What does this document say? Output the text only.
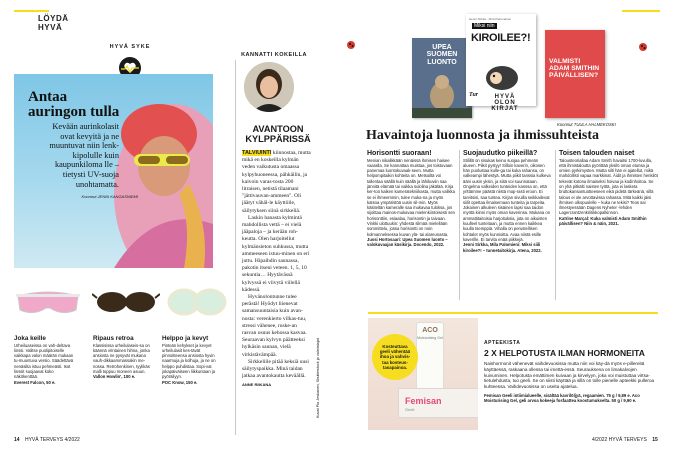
LÖYDÄ
HYVÄ
HYVÄ SYKE
Antaa
auringon tulla
Kevään aurinkolasit
ovat kevyitä ja ne
muuntuvat niin lenk-
kipolulle kuin
kaupunkiloma lle –
tietysti UV-suoja
unohtamatta.
Koonnut JENNI KANGASNIEMI
Joka keille
Urheiluaseissa on vah-deltava linssi. Valitse puolipitoiselle vaikkapa valon määrän mukaan tu-muuntuva versio. Säädettävä nenäsilta istuu pehmeästi. Isot linssit suojaavat koko näkökenttää.
Everest Falcon, 50 e.
Ripaus retroa
Klassisissa urheilulaseis-sa on käännä vrintainen hihna, jonka ansiosta ne pysyvät mukana vauh-dikkaammassakin me-nossa. Retrohenkinen, tyylikäs malli toppuu moneen asuun.
Vallon Howlin', 100 e.
Helppo ja kevyt
Pinteän kehykset ja kevyet urheilulasit kes-tävät pinnoitteensa ansiosta hyvin naarmuja ja kolhuja, ja ne on helppo puhdistaa. Sopi-vat jokapäiväiseen liikkuntaan ja pyöräilyyn.
POC Know, 150 e.
KANNATTI KOKEILLA
AVANTOON
KYLPPÄRISSÄ
TALVIUINTI kiinnostaa, mutta mikä en koskeilla kylmän veden vaikutusta omaassa kylpyhuoneessa, pähkäilin, ja kaivoin varas-tosta 200 litraisen, netistä tilaamani "jättivauvan-ammeen". Oli jäätyt vähäl-le käyttöile, säilytyksen siinä sirkkeliä.
Laskin hanasta kylmintä mahdollista vettä – ei vielä jääpaloja – ja kerään roh-keutta. Olen harjoitellut kylmänsieton suhkussa, mutta ammeeseen istuu-minen on eri juttu. Hipaihdin saunassa, pakotin itseni veteen. 1, 5, 10 sekuntia… Hyytävässä kylvyssä ei viivytä viilellä kädessä.
Hyvänolontunne tulee perästä! Hyödyt liienevat samansuuntaisia kuin avan-nosta: verenkierto vilkas-tuu, stressi vähenee, ruske-an rasvan osuus kehossa kasvaa. Seuraavan kylvyn päätteeksi hylkäsin saunan, vielä virkistävämpää.
Sirkkeliile pitää keksiä uusi säilytyspaikka. Minä taidan jatkaa avantokautta keväällä. ANNE RIIKANA	Kuvat Pia Jeskanen, Shutterstock ja valmistajat
14 HYVÄ TERVEYS 4/2022
UPEA
SUOMEN
LUONTO
Henni Sirkka · Mira Palomainen
Miksi niin
KIROILEE?!
Tur
VALMISTI ADAM SMITHIN PÄIVÄLLISEN?
HYVÄ
OLON
KIRJAT
Koonnut TUULA HALMEKOSKI
Havaintoja luonnosta ja ihmissuhteista
Horisontti suoraan!
Menian nikalikkään nenäissä ihmisen haisee vaaralla. Se kannattaa muistaa, jos toistuvaan panemaa luontokuvaak-seen. Mutta helpompitaikin kohteita on. Metsoiltä voi tallentaa säällä kuin säällä ja lähikuviin saa jännitä elämää tai vaikka sulolina jäkälää. Kirja ker-too kaiken kameratekniikasta, mutta valikka se ei ihmeemmin, tulee muka-na ja myös katsoa ympäristöä uusin sil-min. Myös käsiteltän kameralle saa mukavaa tuloksa, jos sijoittaa mainos-mukavaa mielenkiintoisesti sen horisonttiin, esiaalau, horisontin ja taivaan. Vinkki ulottuukin: yhdestä silmää mielellään sommittelu, jossa horisontti on noin kolmanneksessa kuvan ylä- tai alareunasta.
Jussi Hortosaari: Upea Suomen luonto – valokuvaajan käsikirja. Docendo, 2022.
Suojaudutko piikeillä?
Stilillä on sisukas keinu suojaa pehmeän alueen. Piikit pystyy! Silloin kaverin, oikosen hän puolustaa kulle-ga tai kuka rahansa, on valkeampi lähestyä. Mutta piikit tanssia kulkeva ääni uusin yksin, ja siitä voi suunnataan. Ongelma valkeiden tunteiden kanssa on, että yrittämme päästä niistä mop-rasti eroon. Ei tarvitsisi, saa tuntea. Kirjan sivuilla seikkailevat siilit opettaa ilmaisemaan tunteita ja tarpeita. Jokainen alkuleen sisäinen lapsi saa taidon myötä kiinni myös oman kaverinsa. Mukana on ammattitaitoisia harjoituksia, jota on aikuisten kuulleel tunteitaan, ja mutta ennen kaikkea kuulla tsemppiä. Vihalla on perustellisen kohtalot myös kunnioitta. Avaa niistä esille kaverille. Ei tarvita enää piikkejä.
Jenni Sirkka, Mila Palomieni: Miksi siili kiroilee?! – tunnetaitokirja. Atena, 2022.
Toisen talouden naiset
Talousteoriallaa Adam Smith havaitsi 1700-luvulla, että ihmistaloutta pyörittää yksilö oman etunsa ja omien pyrkimysten. Mutta silti hän ei ajatellut, mikä mahdollisti vapaa markkinat. Äidit ja ihmisten henkilöt tekevät kotona ilmaiseksi hoivaa ja kodinhoitoa. Se on yhä pitkälti naisten työtä, jota ei lasketa bruttokansantuotteeseen eikä pidetä tärkeänä, sillä talous ei ole arvottavissa rahassa. Mitä kaikki jäisi ihmisen ulkopuolelle – kuka ne tekisi? Teos sai ilmestyessään Dagens Nyheter -lehden Lagercrantzenkriitikkopalkinnon.
Katrine Marçal: Kuka valmisti Adam Smithin päivällisen? Niin & näin, 2021.
ACO
Moisturising Gel
Femisan
Geeli
Kosteuttava
geeli vähentää
ihoa ja vahvis-
taa kosteus-
tasapainoa.
APTEEKISTA
2 X HELPOTUSTA ILMAN HORMONEITA
Naishormonit vähenevät vaihdevuosissa mutta niin voi käy-dä myös e-pillereitä käyttäessä, raskaana ollessa tai imettä-essä. Seurauksena on limakalvojen kuivuminen. Helpotusta emättimen kuivaan ja kirvelyyn, joka voi muistuttaa virtsa-tietulehdusta, tuo geeli. Se on siisti käyttää ja sillä on tolle pienelle apteekki pulleroa kuhteessa. Vaihdevuosissa on useita ajatelua.
Femisan Geeli intiimialueelle, sisältää kavrilöljyä, regaamien. 75 g / 9,89 e. Aco Moisturising Gel, geli arvoa kokeeja fosfaattea koostumukselta. 50 g / 9,90 e.
4/2022 HYVÄ TERVEYS 15
